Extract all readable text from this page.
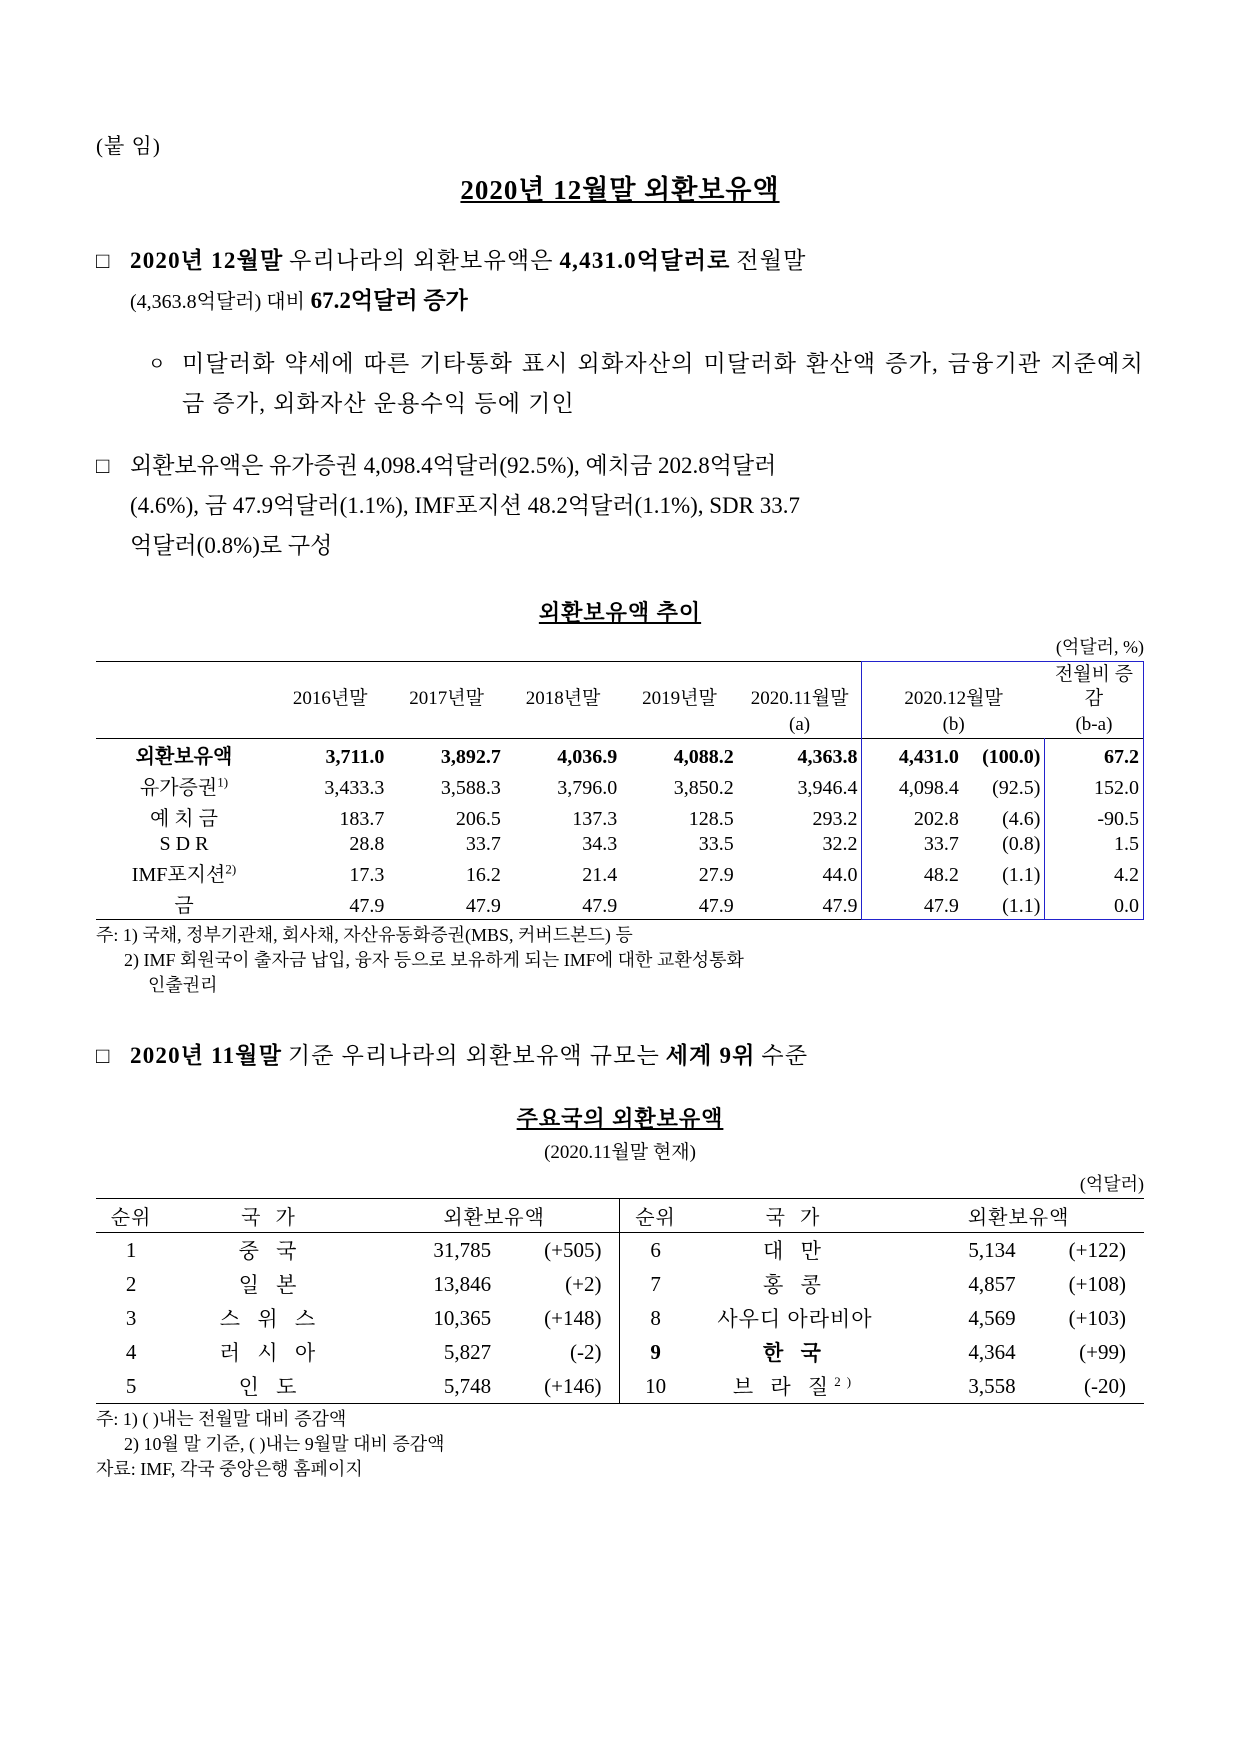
(붙 임)
2020년 12월말 외환보유액
□ 2020년 12월말 우리나라의 외환보유액은 4,431.0억달러로 전월말
(4,363.8억달러) 대비 67.2억달러 증가
ㅇ 미달러화 약세에 따른 기타통화 표시 외화자산의 미달러화 환산액 증가, 금융기관 지준예치금 증가, 외화자산 운용수익 등에 기인
□ 외환보유액은 유가증권 4,098.4억달러(92.5%), 예치금 202.8억달러
(4.6%), 금 47.9억달러(1.1%), IMF포지션 48.2억달러(1.1%), SDR 33.7
억달러(0.8%)로 구성
외환보유액 추이
(억달러, %)
	2016년말	2017년말	2018년말	2019년말	2020.11월말	2020.12월말		전월비 증감
					(a)	(b)		(b-a)
외환보유액	3,711.0	3,892.7	4,036.9	4,088.2	4,363.8	4,431.0	(100.0)	67.2
유가증권$^{1)}$	3,433.3	3,588.3	3,796.0	3,850.2	3,946.4	4,098.4	(92.5)	152.0
예 치 금	183.7	206.5	137.3	128.5	293.2	202.8	(4.6)	-90.5
S D R	28.8	33.7	34.3	33.5	32.2	33.7	(0.8)	1.5
IMF포지션$^{2)}$	17.3	16.2	21.4	27.9	44.0	48.2	(1.1)	4.2
금	47.9	47.9	47.9	47.9	47.9	47.9	(1.1)	0.0
주: 1) 국채, 정부기관채, 회사채, 자산유동화증권(MBS, 커버드본드) 등
2) IMF 회원국이 출자금 납입, 융자 등으로 보유하게 되는 IMF에 대한 교환성통화
인출권리
□ 2020년 11월말 기준 우리나라의 외환보유액 규모는 세계 9위 수준
주요국의 외환보유액
(2020.11월말 현재)
(억달러)
순위	국 가	외환보유액		순위	국 가	외환보유액	
1	중 국	31,785	(+505)	6	대 만	5,134	(+122)
2	일 본	13,846	(+2)	7	홍 콩	4,857	(+108)
3	스 위 스	10,365	(+148)	8	사우디 아라비아	4,569	(+103)
4	러 시 아	5,827	(-2)	9	한 국	4,364	(+99)
5	인 도	5,748	(+146)	10	브 라 질$^{2)}$	3,558	(-20)
주: 1) ( )내는 전월말 대비 증감액
2) 10월 말 기준, ( )내는 9월말 대비 증감액
자료: IMF, 각국 중앙은행 홈페이지
